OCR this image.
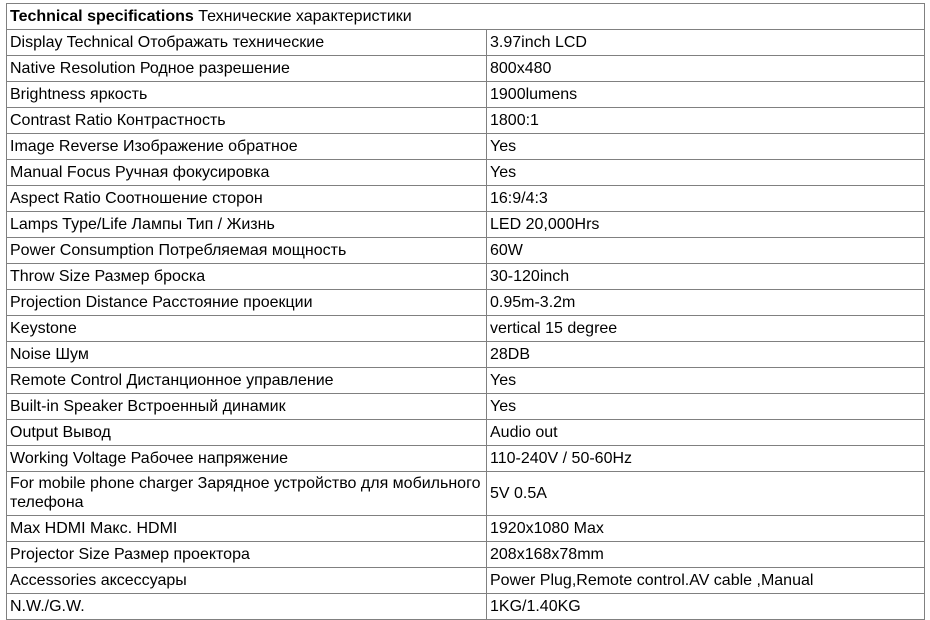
Technical specifications Технические характеристики	
Display Technical Отображать технические	3.97inch LCD
Native Resolution Родное разрешение	800x480
Brightness яркость	1900lumens
Contrast Ratio Контрастность	1800:1
Image Reverse Изображение обратное	Yes
Manual Focus Ручная фокусировка	Yes
Aspect Ratio Соотношение сторон	16:9/4:3
Lamps Type/Life Лампы Тип / Жизнь	LED 20,000Hrs
Power Consumption Потребляемая мощность	60W
Throw Size Размер броска	30-120inch
Projection Distance Расстояние проекции	0.95m-3.2m
Keystone	vertical 15 degree
Noise Шум	28DB
Remote Control Дистанционное управление	Yes
Built-in Speaker Встроенный динамик	Yes
Output Вывод	Audio out
Working Voltage Рабочее напряжение	110-240V / 50-60Hz
For mobile phone charger Зарядное устройство для мобильного телефона	5V 0.5A
Max HDMI Макс. HDMI	1920x1080 Max
Projector Size Размер проектора	208x168x78mm
Accessories аксессуары	Power Plug,Remote control.AV cable ,Manual
N.W./G.W.	1KG/1.40KG
